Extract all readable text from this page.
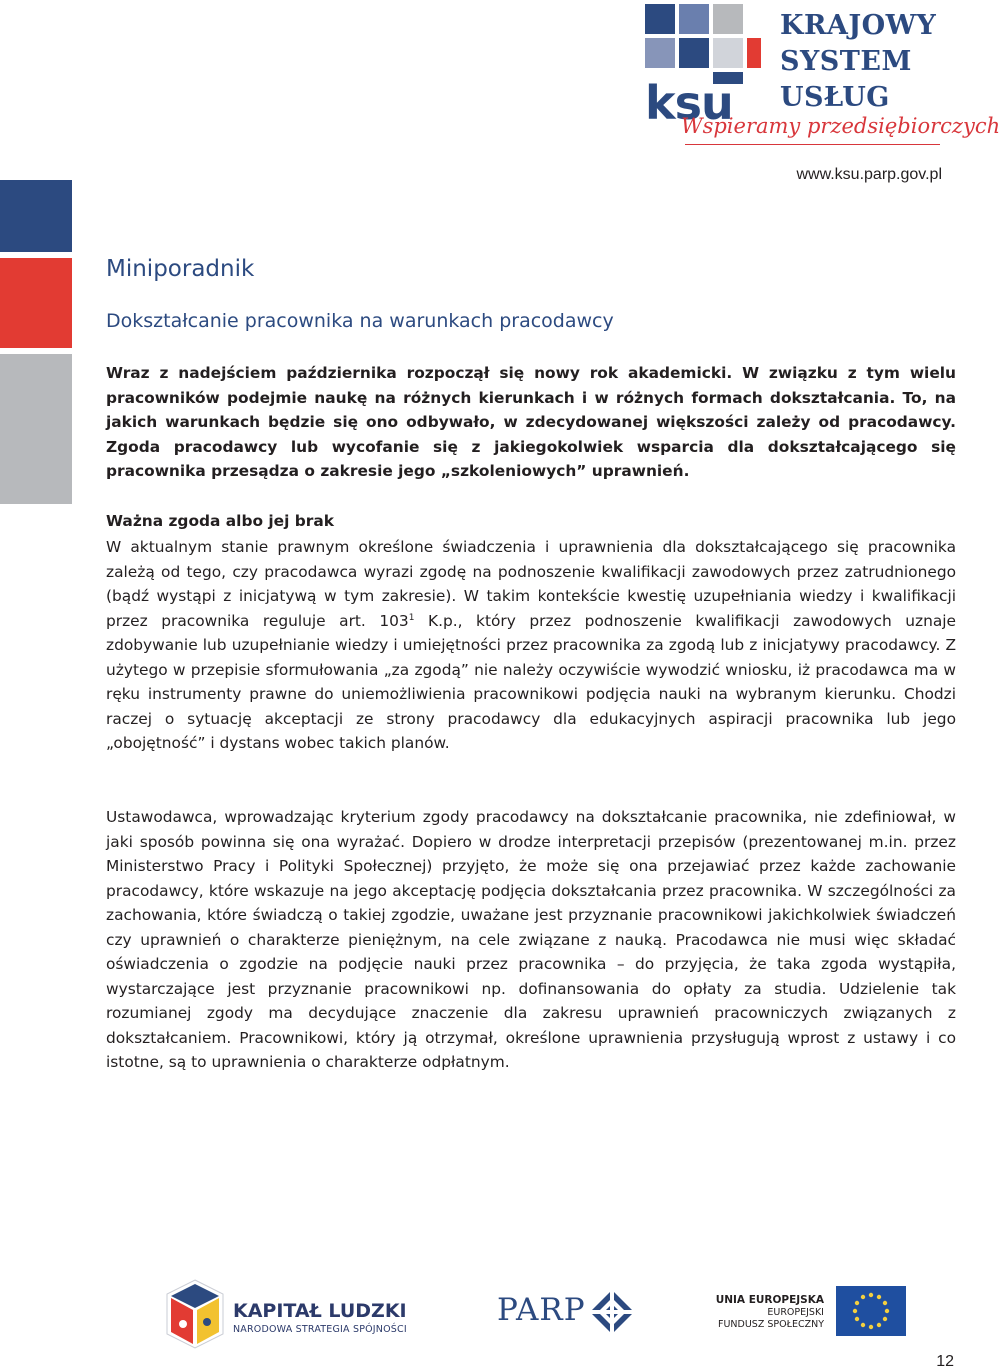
ksu
KRAJOWY
SYSTEM
USŁUG
Wspieramy przedsiębiorczych
www.ksu.parp.gov.pl
Miniporadnik
Dokształcanie pracownika na warunkach pracodawcy

Wraz z nadejściem października rozpoczął się nowy rok akademicki. W związku z tym wielu pracowników podejmie naukę na różnych kierunkach i w różnych formach dokształcania. To, na jakich warunkach będzie się ono odbywało, w zdecydowanej większości zależy od pracodawcy. Zgoda pracodawcy lub wycofanie się z jakiegokolwiek wsparcia dla dokształcającego się pracownika przesądza o zakresie jego „szkoleniowych” uprawnień.

Ważna zgoda albo jej brak

W aktualnym stanie prawnym określone świadczenia i uprawnienia dla dokształcającego się pracownika zależą od tego, czy pracodawca wyrazi zgodę na podnoszenie kwalifikacji zawodowych przez zatrudnionego (bądź wystąpi z inicjatywą w tym zakresie). W takim kontekście kwestię uzupełniania wiedzy i kwalifikacji przez pracownika reguluje art. $103^1$ K.p., który przez podnoszenie kwalifikacji zawodowych uznaje zdobywanie lub uzupełnianie wiedzy i umiejętności przez pracownika za zgodą lub z inicjatywy pracodawcy. Z użytego w przepisie sformułowania „za zgodą” nie należy oczywiście wywodzić wniosku, iż pracodawca ma w ręku instrumenty prawne do uniemożliwienia pracownikowi podjęcia nauki na wybranym kierunku. Chodzi raczej o sytuację akceptacji ze strony pracodawcy dla edukacyjnych aspiracji pracownika lub jego „obojętność” i dystans wobec takich planów.

Ustawodawca, wprowadzając kryterium zgody pracodawcy na dokształcanie pracownika, nie zdefiniował, w jaki sposób powinna się ona wyrażać. Dopiero w drodze interpretacji przepisów (prezentowanej m.in. przez Ministerstwo Pracy i Polityki Społecznej) przyjęto, że może się ona przejawiać przez każde zachowanie pracodawcy, które wskazuje na jego akceptację podjęcia dokształcania przez pracownika. W szczególności za zachowania, które świadczą o takiej zgodzie, uważane jest przyznanie pracownikowi jakichkolwiek świadczeń czy uprawnień o charakterze pieniężnym, na cele związane z nauką. Pracodawca nie musi więc składać oświadczenia o zgodzie na podjęcie nauki przez pracownika – do przyjęcia, że taka zgoda wystąpiła, wystarczające jest przyznanie pracownikowi np. dofinansowania do opłaty za studia. Udzielenie tak rozumianej zgody ma decydujące znaczenie dla zakresu uprawnień pracowniczych związanych z dokształcaniem. Pracownikowi, który ją otrzymał, określone uprawnienia przysługują wprost z ustawy i co istotne, są to uprawnienia o charakterze odpłatnym.

KAPITAŁ LUDZKI
NARODOWA STRATEGIA SPÓJNOŚCI
PARP	UNIA EUROPEJSKA
EUROPEJSKI
FUNDUSZ SPOŁECZNY
12
